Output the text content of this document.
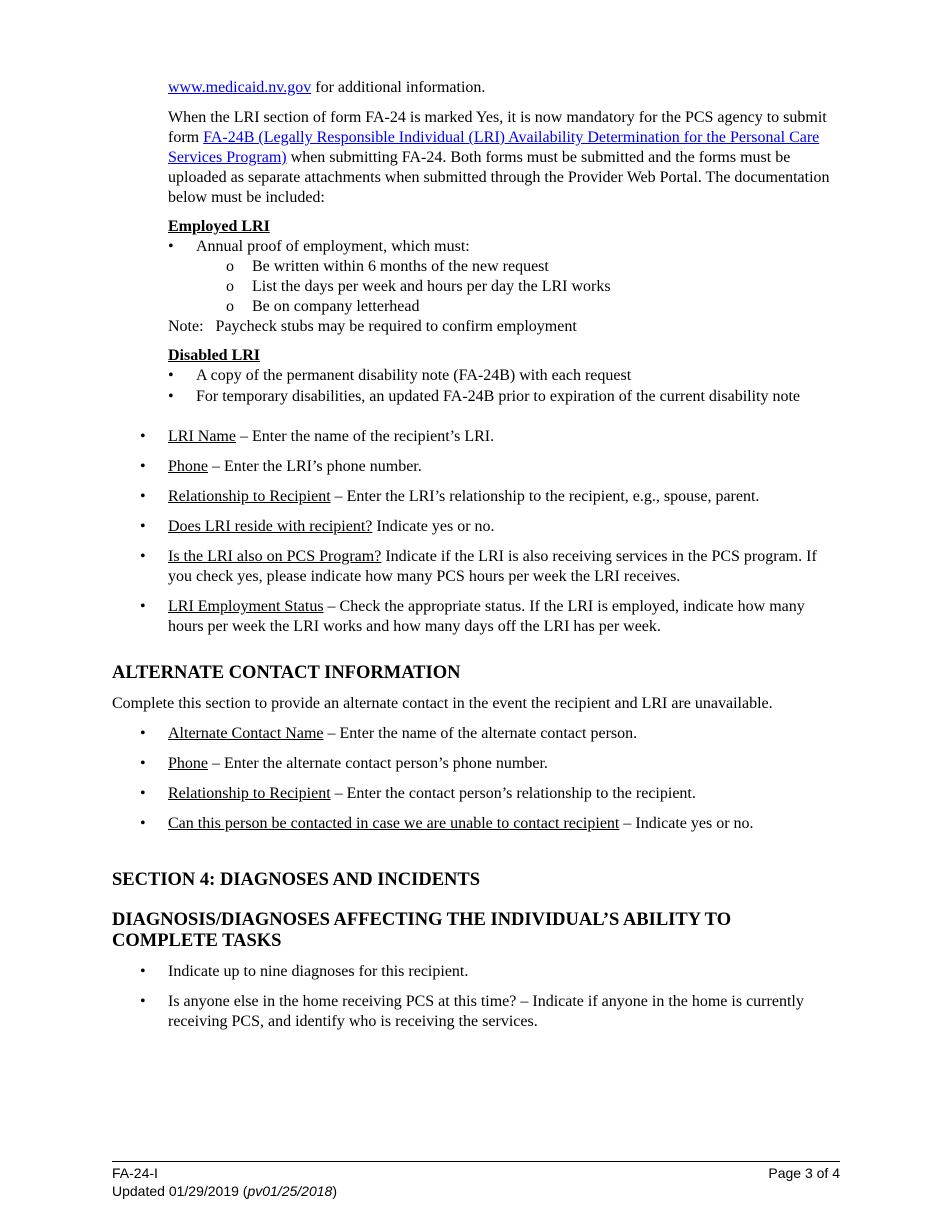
www.medicaid.nv.gov for additional information.

When the LRI section of form FA-24 is marked Yes, it is now mandatory for the PCS agency to submit form FA-24B (Legally Responsible Individual (LRI) Availability Determination for the Personal Care Services Program) when submitting FA-24. Both forms must be submitted and the forms must be uploaded as separate attachments when submitted through the Provider Web Portal. The documentation below must be included:

Employed LRI
•	Annual proof of employment, which must:
o Be written within 6 months of the new request
o List the days per week and hours per day the LRI works
o Be on company letterhead
Note:   Paycheck stubs may be required to confirm employment
Disabled LRI
•	A copy of the permanent disability note (FA-24B) with each request
•	For temporary disabilities, an updated FA-24B prior to expiration of the current disability note
• LRI Name – Enter the name of the recipient’s LRI.
• Phone – Enter the LRI’s phone number.
• Relationship to Recipient – Enter the LRI’s relationship to the recipient, e.g., spouse, parent.
• Does LRI reside with recipient? Indicate yes or no.
• Is the LRI also on PCS Program? Indicate if the LRI is also receiving services in the PCS program. If you check yes, please indicate how many PCS hours per week the LRI receives.
• LRI Employment Status – Check the appropriate status. If the LRI is employed, indicate how many hours per week the LRI works and how many days off the LRI has per week.
ALTERNATE CONTACT INFORMATION

Complete this section to provide an alternate contact in the event the recipient and LRI are unavailable.

• Alternate Contact Name – Enter the name of the alternate contact person.
• Phone – Enter the alternate contact person’s phone number.
• Relationship to Recipient – Enter the contact person’s relationship to the recipient.
• Can this person be contacted in case we are unable to contact recipient – Indicate yes or no.
SECTION 4: DIAGNOSES AND INCIDENTS
DIAGNOSIS/DIAGNOSES AFFECTING THE INDIVIDUAL’S ABILITY TO COMPLETE TASKS
• Indicate up to nine diagnoses for this recipient.
• Is anyone else in the home receiving PCS at this time? – Indicate if anyone in the home is currently receiving PCS, and identify who is receiving the services.
FA-24-I
Updated 01/29/2019 (pv01/25/2018)
Page 3 of 4
